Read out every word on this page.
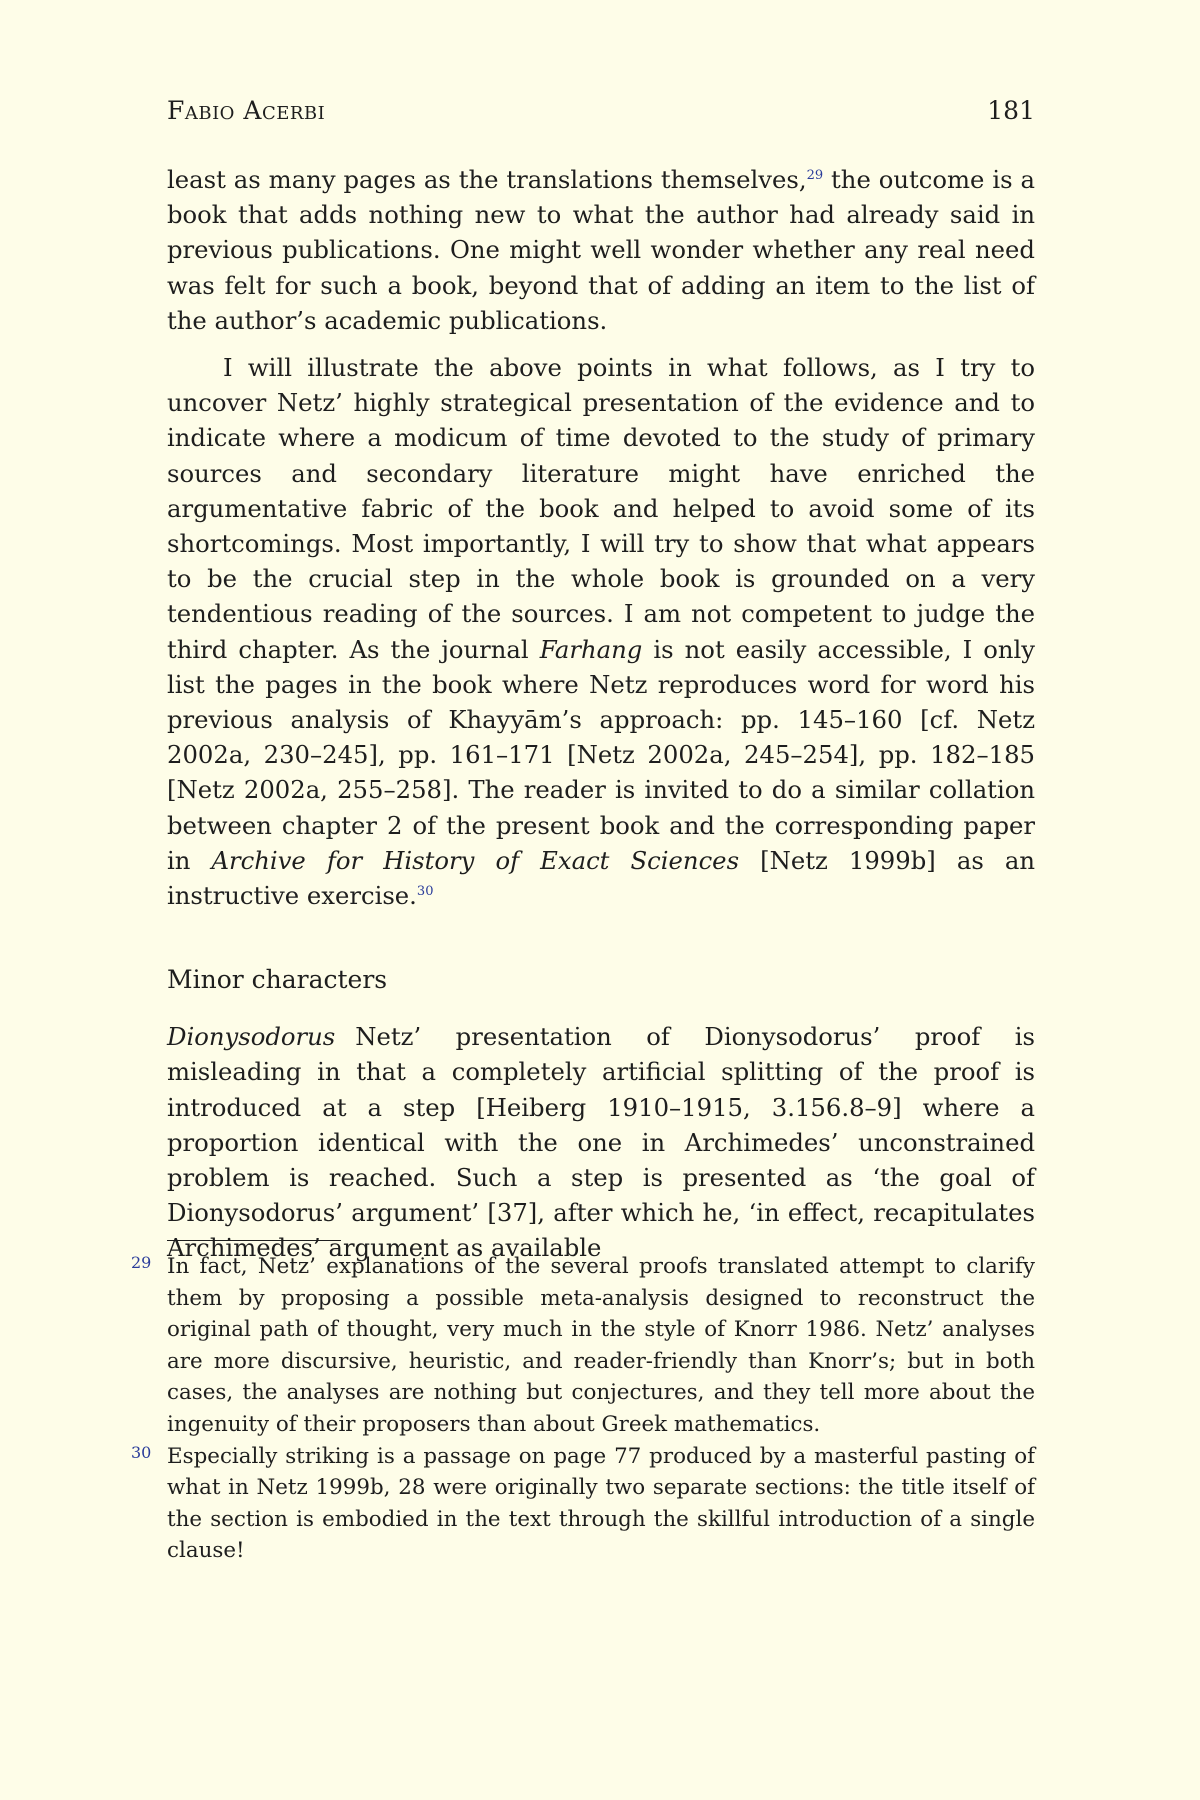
Fabio Acerbi	181

least as many pages as the translations themselves,$^{29}$ the outcome is a book that adds nothing new to what the author had already said in previous publications. One might well wonder whether any real need was felt for such a book, beyond that of adding an item to the list of the author’s academic publications.

I will illustrate the above points in what follows, as I try to uncover Netz’ highly strategical presentation of the evidence and to indicate where a modicum of time devoted to the study of primary sources and secondary literature might have enriched the argumentative fabric of the book and helped to avoid some of its shortcomings. Most importantly, I will try to show that what appears to be the crucial step in the whole book is grounded on a very tendentious reading of the sources. I am not competent to judge the third chapter. As the journal Farhang is not easily accessible, I only list the pages in the book where Netz reproduces word for word his previous analysis of Khayyām’s approach: pp. 145–160 [cf. Netz 2002a, 230–245], pp. 161–171 [Netz 2002a, 245–254], pp. 182–185 [Netz 2002a, 255–258]. The reader is invited to do a similar collation between chapter 2 of the present book and the corresponding paper in Archive for History of Exact Sciences [Netz 1999b] as an instructive exercise.$^{30}$

Minor characters

Dionysodorus Netz’ presentation of Dionysodorus’ proof is misleading in that a completely artificial splitting of the proof is introduced at a step [Heiberg 1910–1915, 3.156.8–9] where a proportion identical with the one in Archimedes’ unconstrained problem is reached. Such a step is presented as ‘the goal of Dionysodorus’ argument’ [37], after which he, ‘in effect, recapitulates Archimedes’ argument as available

29 In fact, Netz’ explanations of the several proofs translated attempt to clarify them by proposing a possible meta-analysis designed to reconstruct the original path of thought, very much in the style of Knorr 1986. Netz’ analyses are more discursive, heuristic, and reader-friendly than Knorr’s; but in both cases, the analyses are nothing but conjectures, and they tell more about the ingenuity of their proposers than about Greek mathematics.
30 Especially striking is a passage on page 77 produced by a masterful pasting of what in Netz 1999b, 28 were originally two separate sections: the title itself of the section is embodied in the text through the skillful introduction of a single clause!
